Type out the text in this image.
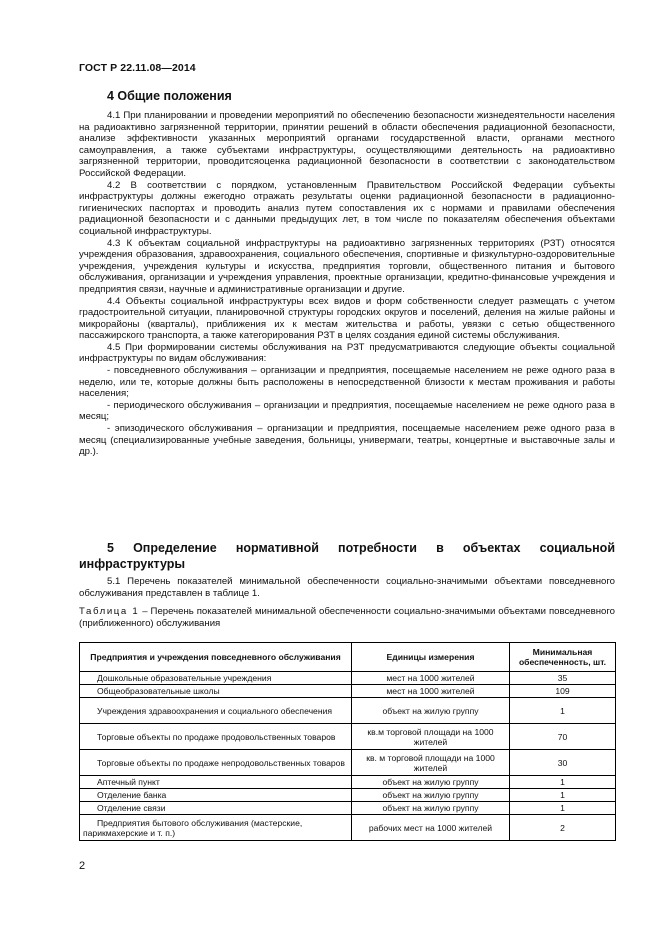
ГОСТ Р 22.11.08—2014
4 Общие положения

4.1 При планировании и проведении мероприятий по обеспечению безопасности жизнедеятельности населения на радиоактивно загрязненной территории, принятии решений в области обеспечения радиационной безопасности, анализе эффективности указанных мероприятий органами государственной власти, органами местного самоуправления, а также субъектами инфраструктуры, осуществляющими деятельность на радиоактивно загрязненной территории, проводитсяоценка радиационной безопасности в соответствии с законодательством Российской Федерации.

4.2 В соответствии с порядком, установленным Правительством Российской Федерации субъекты инфраструктуры должны ежегодно отражать результаты оценки радиационной безопасности в радиационно-гигиенических паспортах и проводить анализ путем сопоставления их с нормами и правилами обеспечения радиационной безопасности и с данными предыдущих лет, в том числе по показателям обеспечения объектами социальной инфраструктуры.

4.3 К объектам социальной инфраструктуры на радиоактивно загрязненных территориях (РЗТ) относятся учреждения образования, здравоохранения, социального обеспечения, спортивные и физкультурно-оздоровительные учреждения, учреждения культуры и искусства, предприятия торговли, общественного питания и бытового обслуживания, организации и учреждения управления, проектные организации, кредитно-финансовые учреждения и предприятия связи, научные и административные организации и другие.

4.4 Объекты социальной инфраструктуры всех видов и форм собственности следует размещать с учетом градостроительной ситуации, планировочной структуры городских округов и поселений, деления на жилые районы и микрорайоны (кварталы), приближения их к местам жительства и работы, увязки с сетью общественного пассажирского транспорта, а также категорирования РЗТ в целях создания единой системы обслуживания.

4.5 При формировании системы обслуживания на РЗТ предусматриваются следующие объекты социальной инфраструктуры по видам обслуживания:

- повседневного обслуживания – организации и предприятия, посещаемые населением не реже одного раза в неделю, или те, которые должны быть расположены в непосредственной близости к местам проживания и работы населения;

- периодического обслуживания – организации и предприятия, посещаемые населением не реже одного раза в месяц;

- эпизодического обслуживания – организации и предприятия, посещаемые населением реже одного раза в месяц (специализированные учебные заведения, больницы, универмаги, театры, концертные и выставочные залы и др.).

5 Определение нормативной потребности в объектах социальной инфраструктуры

5.1 Перечень показателей минимальной обеспеченности социально-значимыми объектами повседневного обслуживания представлен в таблице 1.

Таблица 1 – Перечень показателей минимальной обеспеченности социально-значимыми объектами повседневного (приближенного) обслуживания
Предприятия и учреждения повседневного обслуживания	Единицы измерения	Минимальная обеспеченность, шт.
Дошкольные образовательные учреждения	мест на 1000 жителей	35
Общеобразовательные школы	мест на 1000 жителей	109
Учреждения здравоохранения и социального обеспечения	объект на жилую группу	1
Торговые объекты по продаже продовольственных товаров	кв.м торговой площади на 1000 жителей	70
Торговые объекты по продаже непродовольственных товаров	кв. м торговой площади на 1000 жителей	30
Аптечный пункт	объект на жилую группу	1
Отделение банка	объект на жилую группу	1
Отделение связи	объект на жилую группу	1
Предприятия бытового обслуживания (мастерские, парикмахерские и т. п.)	рабочих мест на 1000 жителей	2
2
